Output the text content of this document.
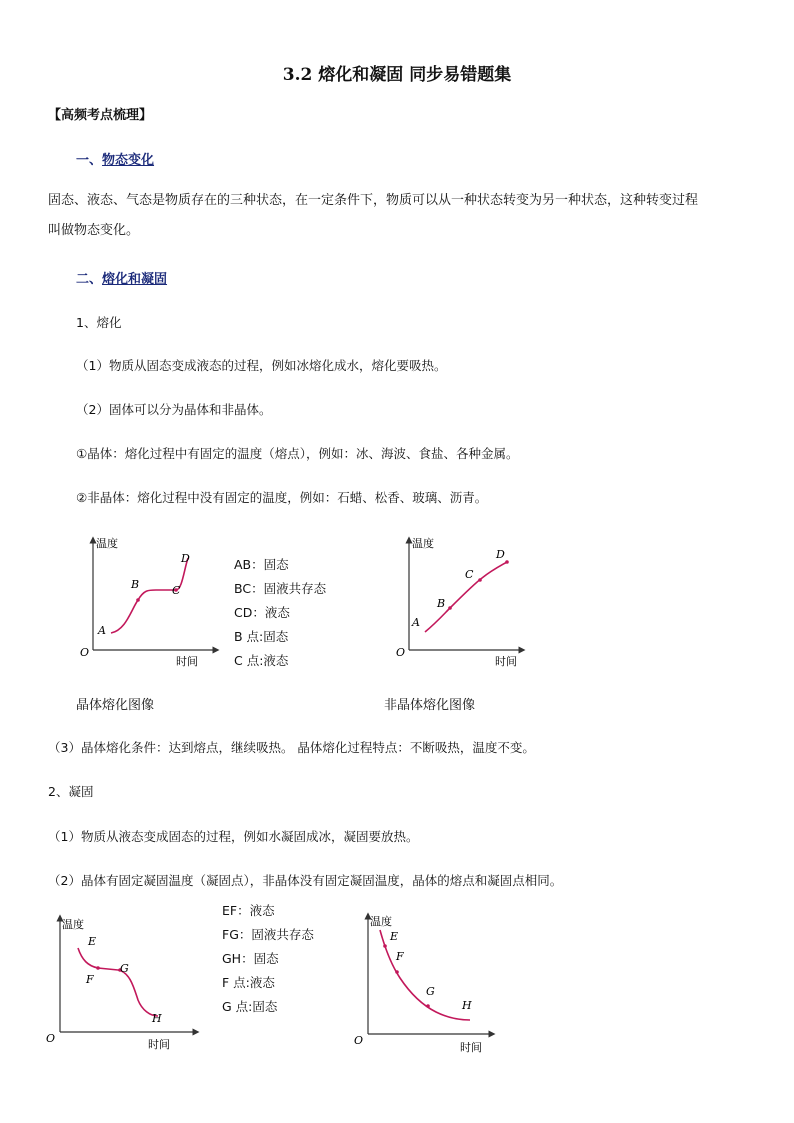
3.2 熔化和凝固 同步易错题集
【高频考点梳理】
一、物态变化
固态、液态、气态是物质存在的三种状态，在一定条件下，物质可以从一种状态转变为另一种状态，这种转变过程
叫做物态变化。
二、熔化和凝固
1、熔化
（1）物质从固态变成液态的过程，例如冰熔化成水，熔化要吸热。
（2）固体可以分为晶体和非晶体。
①晶体：熔化过程中有固定的温度（熔点），例如：冰、海波、食盐、各种金属。
②非晶体：熔化过程中没有固定的温度，例如：石蜡、松香、玻璃、沥青。
温度
时间
O
A
B	C
D	AB：固态
BC：固液共存态
CD：液态
B 点:固态
C 点:液态
温度
时间
O
A
B
C
D
晶体熔化图像	非晶体熔化图像
（3）晶体熔化条件：达到熔点，继续吸热。 晶体熔化过程特点：不断吸热，温度不变。
2、凝固
（1）物质从液态变成固态的过程，例如水凝固成冰，凝固要放热。
（2）晶体有固定凝固温度（凝固点），非晶体没有固定凝固温度，晶体的熔点和凝固点相同。
温度
时间
O
E
F
G
H
EF：液态
FG：固液共存态
GH：固态
F 点:液态
G 点:固态
温度
时间
O
E
F
G
H
